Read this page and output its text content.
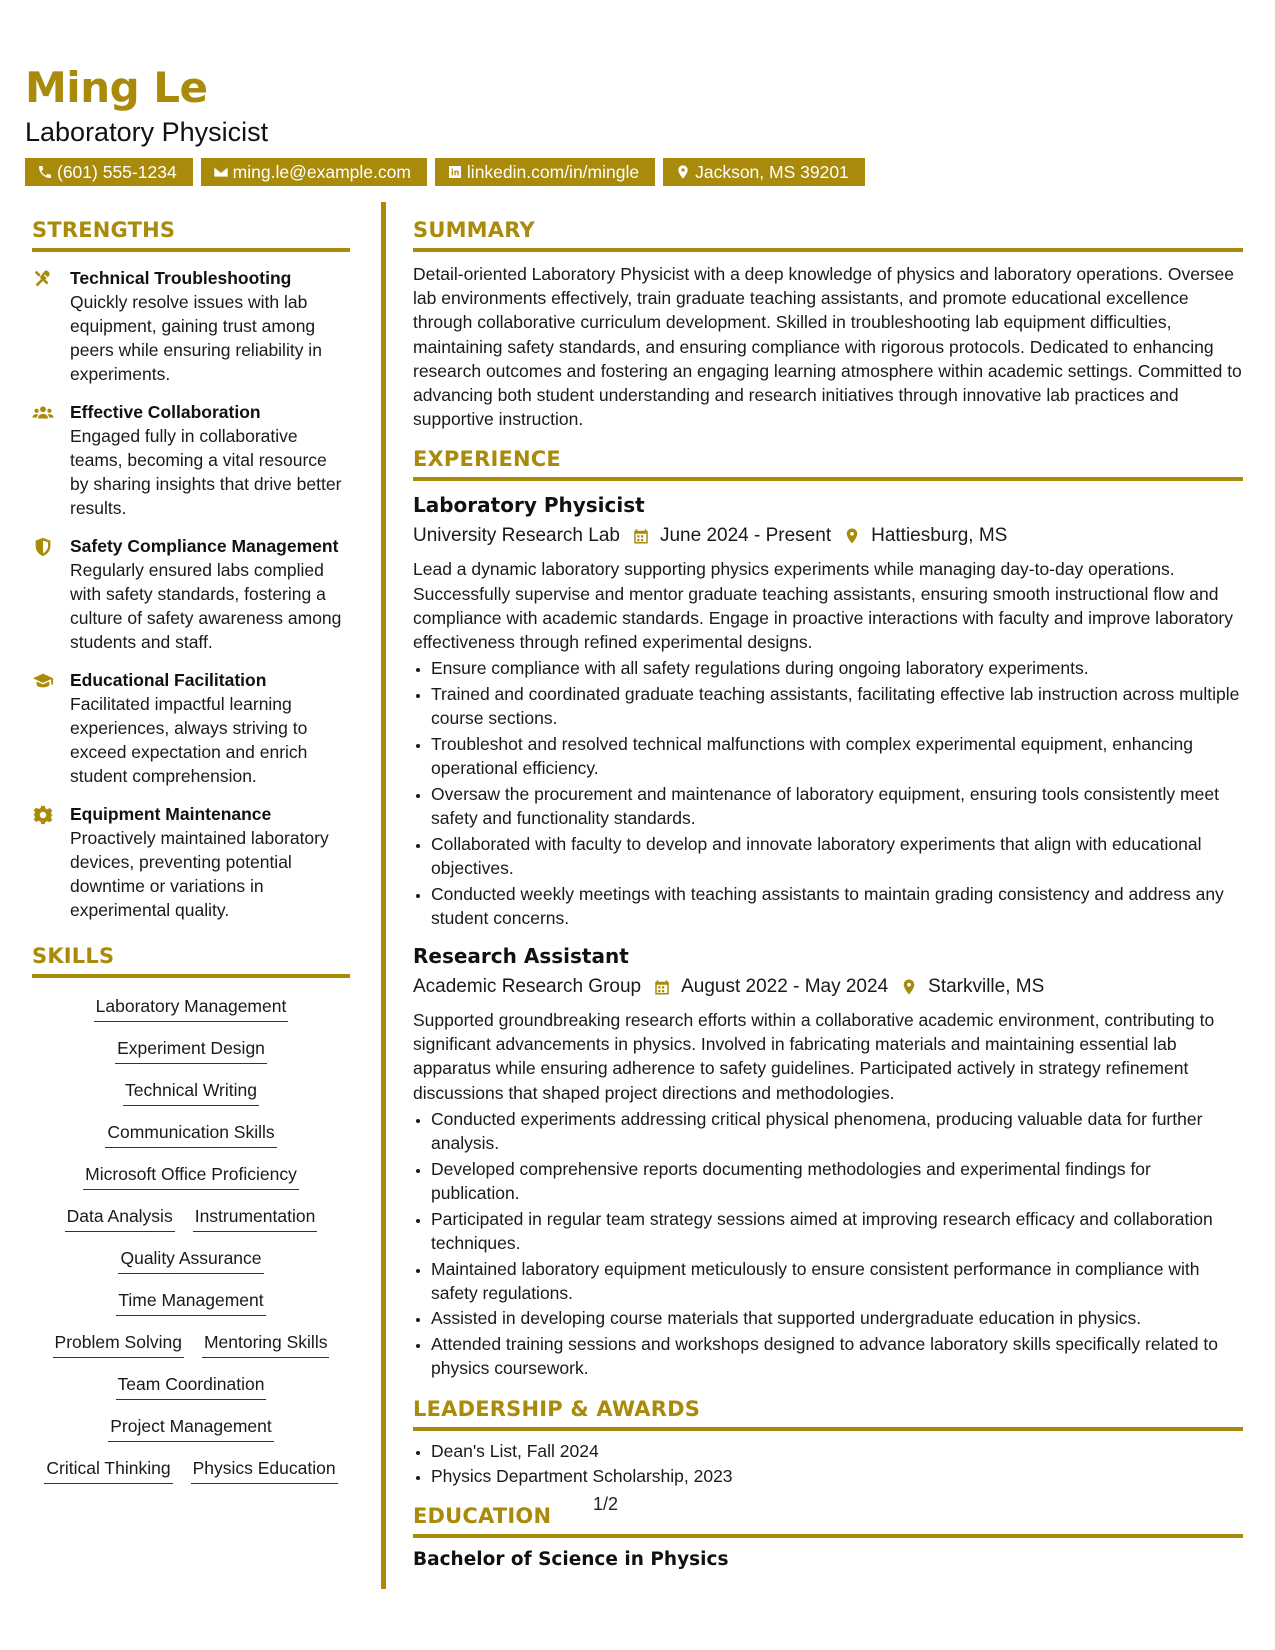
Ming Le
Laboratory Physicist
(601) 555-1234	ming.le@example.com	linkedin.com/in/mingle	Jackson, MS 39201
STRENGTHS
Technical Troubleshooting
Quickly resolve issues with lab equipment, gaining trust among peers while ensuring reliability in experiments.
Effective Collaboration
Engaged fully in collaborative teams, becoming a vital resource by sharing insights that drive better results.
Safety Compliance Management
Regularly ensured labs complied with safety standards, fostering a culture of safety awareness among students and staff.
Educational Facilitation
Facilitated impactful learning experiences, always striving to exceed expectation and enrich student comprehension.
Equipment Maintenance
Proactively maintained laboratory devices, preventing potential downtime or variations in experimental quality.
SKILLS
Laboratory Management
Experiment Design
Technical Writing
Communication Skills
Microsoft Office Proficiency
Data Analysis Instrumentation
Quality Assurance
Time Management
Problem Solving Mentoring Skills
Team Coordination
Project Management
Critical Thinking Physics Education
SUMMARY
Detail-oriented Laboratory Physicist with a deep knowledge of physics and laboratory operations. Oversee lab environments effectively, train graduate teaching assistants, and promote educational excellence through collaborative curriculum development. Skilled in troubleshooting lab equipment difficulties, maintaining safety standards, and ensuring compliance with rigorous protocols. Dedicated to enhancing research outcomes and fostering an engaging learning atmosphere within academic settings. Committed to advancing both student understanding and research initiatives through innovative lab practices and supportive instruction.
EXPERIENCE
Laboratory Physicist
University Research Lab June 2024 - Present Hattiesburg, MS
Lead a dynamic laboratory supporting physics experiments while managing day-to-day operations. Successfully supervise and mentor graduate teaching assistants, ensuring smooth instructional flow and compliance with academic standards. Engage in proactive interactions with faculty and improve laboratory effectiveness through refined experimental designs.
• Ensure compliance with all safety regulations during ongoing laboratory experiments.
• Trained and coordinated graduate teaching assistants, facilitating effective lab instruction across multiple course sections.
• Troubleshot and resolved technical malfunctions with complex experimental equipment, enhancing operational efficiency.
• Oversaw the procurement and maintenance of laboratory equipment, ensuring tools consistently meet safety and functionality standards.
• Collaborated with faculty to develop and innovate laboratory experiments that align with educational objectives.
• Conducted weekly meetings with teaching assistants to maintain grading consistency and address any student concerns.
Research Assistant
Academic Research Group August 2022 - May 2024 Starkville, MS
Supported groundbreaking research efforts within a collaborative academic environment, contributing to significant advancements in physics. Involved in fabricating materials and maintaining essential lab apparatus while ensuring adherence to safety guidelines. Participated actively in strategy refinement discussions that shaped project directions and methodologies.
• Conducted experiments addressing critical physical phenomena, producing valuable data for further analysis.
• Developed comprehensive reports documenting methodologies and experimental findings for publication.
• Participated in regular team strategy sessions aimed at improving research efficacy and collaboration techniques.
• Maintained laboratory equipment meticulously to ensure consistent performance in compliance with safety regulations.
• Assisted in developing course materials that supported undergraduate education in physics.
• Attended training sessions and workshops designed to advance laboratory skills specifically related to physics coursework.
LEADERSHIP & AWARDS
• Dean's List, Fall 2024
• Physics Department Scholarship, 2023
EDUCATION
Bachelor of Science in Physics
1/2
